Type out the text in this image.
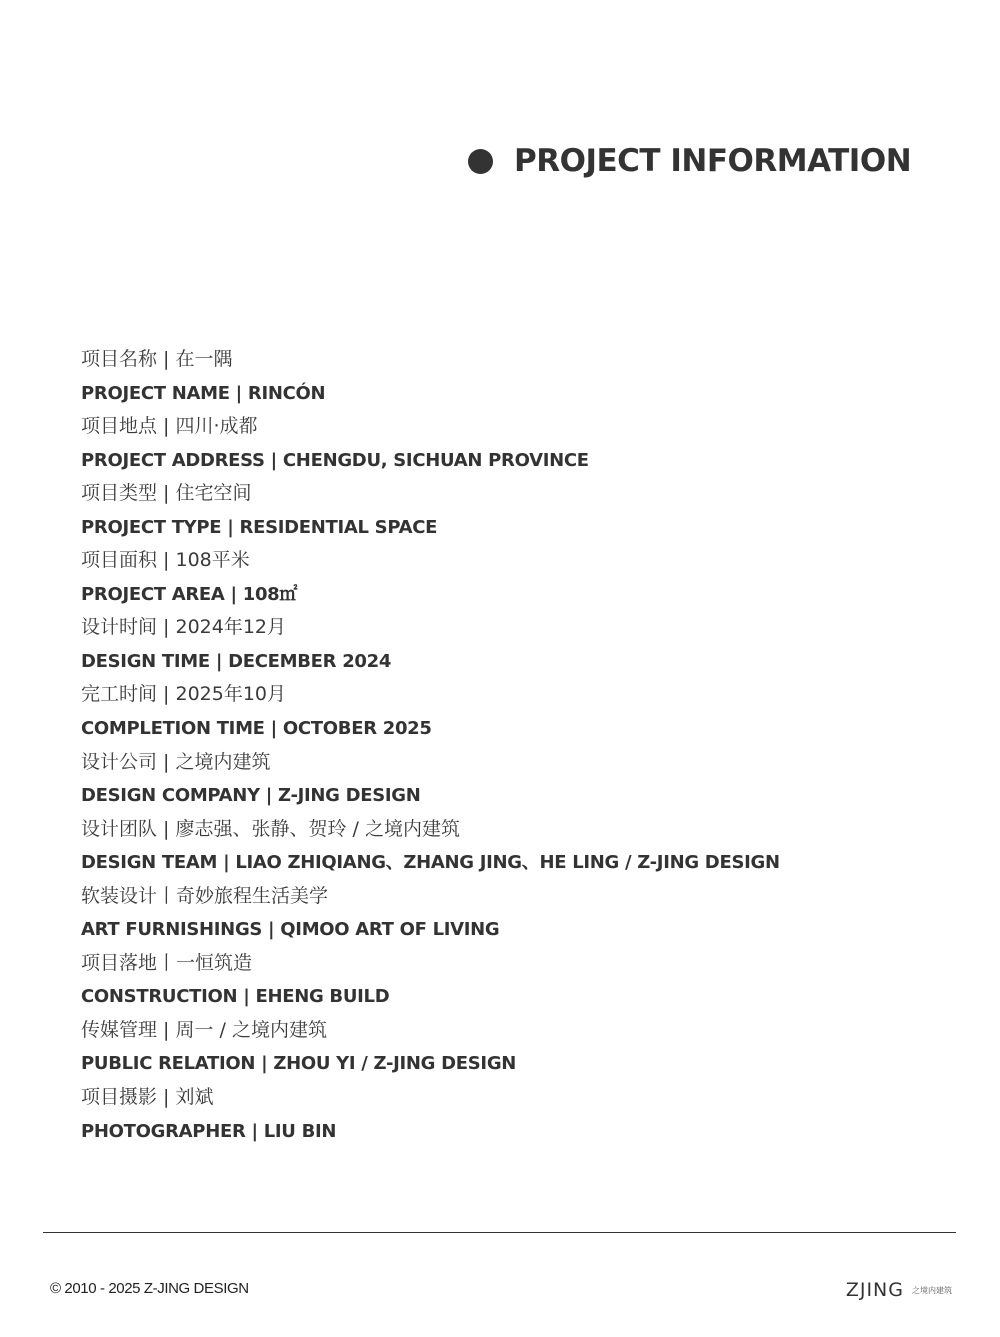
PROJECT INFORMATION
项目名称 | 在一隅
PROJECT NAME | RINCÓN
项目地点 | 四川·成都
PROJECT ADDRESS | CHENGDU, SICHUAN PROVINCE
项目类型 | 住宅空间
PROJECT TYPE | RESIDENTIAL SPACE
项目面积 | 108平米
PROJECT AREA | 108㎡
设计时间 | 2024年12月
DESIGN TIME | DECEMBER 2024
完工时间 | 2025年10月
COMPLETION TIME | OCTOBER 2025
设计公司 | 之境内建筑
DESIGN COMPANY | Z-JING DESIGN
设计团队 | 廖志强、张静、贺玲 / 之境内建筑
DESIGN TEAM | LIAO ZHIQIANG、ZHANG JING、HE LING / Z-JING DESIGN
软装设计丨奇妙旅程生活美学
ART FURNISHINGS | QIMOO ART OF LIVING
项目落地丨一恒筑造
CONSTRUCTION | EHENG BUILD
传媒管理 | 周一 / 之境内建筑
PUBLIC RELATION | ZHOU YI / Z-JING DESIGN
项目摄影 | 刘斌
PHOTOGRAPHER | LIU BIN
© 2010 - 2025 Z-JING DESIGN	ZJING 之境内建筑
